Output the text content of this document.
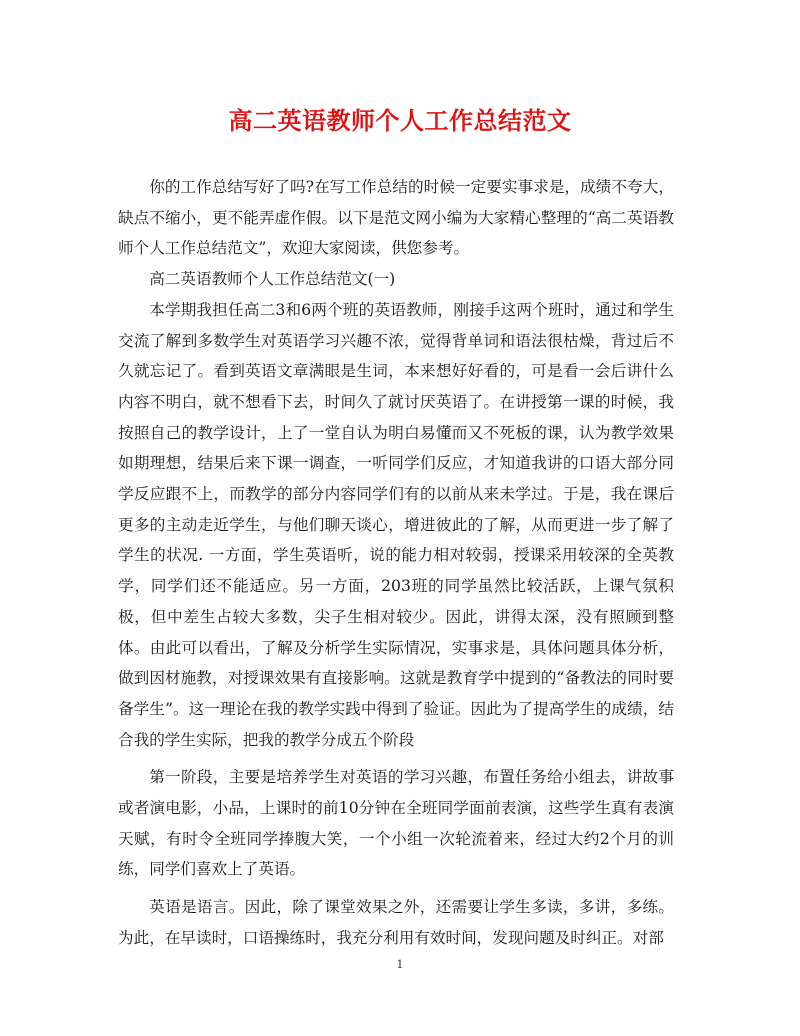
高二英语教师个人工作总结范文

你的工作总结写好了吗?在写工作总结的时候一定要实事求是，成绩不夸大，缺点不缩小，更不能弄虚作假。以下是范文网小编为大家精心整理的“高二英语教师个人工作总结范文”，欢迎大家阅读，供您参考。

高二英语教师个人工作总结范文(一)

本学期我担任高二3和6两个班的英语教师，刚接手这两个班时，通过和学生交流了解到多数学生对英语学习兴趣不浓，觉得背单词和语法很枯燥，背过后不久就忘记了。看到英语文章满眼是生词，本来想好好看的，可是看一会后讲什么内容不明白，就不想看下去，时间久了就讨厌英语了。在讲授第一课的时候，我按照自己的教学设计，上了一堂自认为明白易懂而又不死板的课，认为教学效果如期理想，结果后来下课一调查，一听同学们反应，才知道我讲的口语大部分同学反应跟不上，而教学的部分内容同学们有的以前从来未学过。于是，我在课后更多的主动走近学生，与他们聊天谈心，增进彼此的了解，从而更进一步了解了学生的状况. 一方面，学生英语听，说的能力相对较弱，授课采用较深的全英教学，同学们还不能适应。另一方面，203班的同学虽然比较活跃，上课气氛积极，但中差生占较大多数，尖子生相对较少。因此，讲得太深，没有照顾到整体。由此可以看出，了解及分析学生实际情况，实事求是，具体问题具体分析，做到因材施教，对授课效果有直接影响。这就是教育学中提到的“备教法的同时要备学生”。这一理论在我的教学实践中得到了验证。因此为了提高学生的成绩，结合我的学生实际，把我的教学分成五个阶段

第一阶段，主要是培养学生对英语的学习兴趣，布置任务给小组去，讲故事或者演电影，小品，上课时的前10分钟在全班同学面前表演，这些学生真有表演天赋，有时令全班同学捧腹大笑，一个小组一次轮流着来，经过大约2个月的训练，同学们喜欢上了英语。

英语是语言。因此，除了课堂效果之外，还需要让学生多读，多讲，多练。为此，在早读时，口语操练时，我充分利用有效时间，发现问题及时纠正。对部

1
